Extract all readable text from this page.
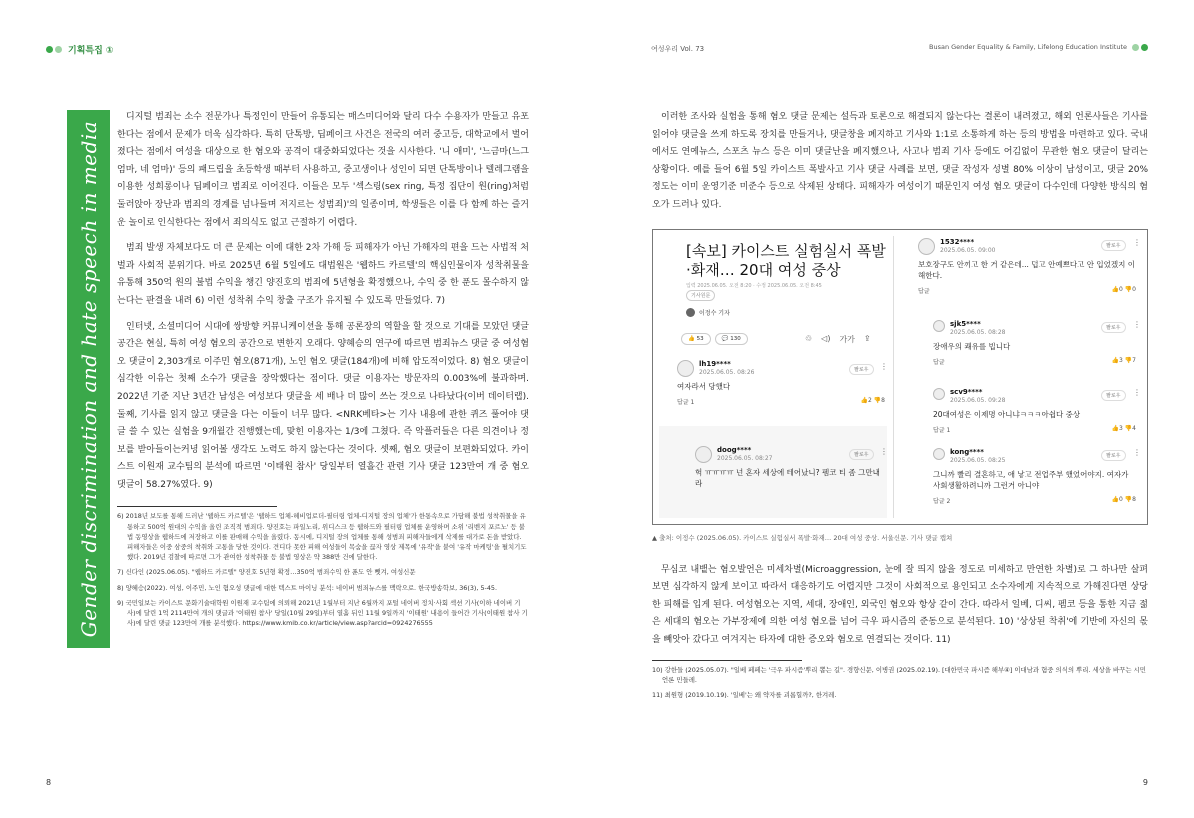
기획특집 ①	여성우리 Vol. 73	Busan Gender Equality & Family, Lifelong Education Institute
Gender discrimination and hate speech in media

디지털 범죄는 소수 전문가나 특정인이 만들어 유통되는 매스미디어와 달리 다수 수용자가 만들고 유포한다는 점에서 문제가 더욱 심각하다. 특히 단톡방, 딥페이크 사건은 전국의 여러 중고등, 대학교에서 벌어졌다는 점에서 여성을 대상으로 한 혐오와 공격이 대중화되었다는 것을 시사한다. '니 애미', '느금마(느그 엄마, 네 엄마)' 등의 패드립을 초등학생 때부터 사용하고, 중고생이나 성인이 되면 단톡방이나 텔레그램을 이용한 성희롱이나 딥페이크 범죄로 이어진다. 이들은 모두 '섹스링(sex ring, 특정 집단이 원(ring)처럼 둘러앉아 장난과 범죄의 경계를 넘나들며 저지르는 성범죄)'의 일종이며, 학생들은 이를 다 함께 하는 즐거운 놀이로 인식한다는 점에서 죄의식도 없고 근절하기 어렵다.

범죄 발생 자체보다도 더 큰 문제는 이에 대한 2차 가해 등 피해자가 아닌 가해자의 편을 드는 사법적 처벌과 사회적 분위기다. 바로 2025년 6월 5일에도 대법원은 '웹하드 카르텔'의 핵심인물이자 성착취물을 유통해 350억 원의 불법 수익을 챙긴 양진호의 범죄에 5년형을 확정했으나, 수익 중 한 푼도 몰수하지 않는다는 판결을 내려 6) 이런 성착취 수익 창출 구조가 유지될 수 있도록 만들었다. 7)

인터넷, 소셜미디어 시대에 쌍방향 커뮤니케이션을 통해 공론장의 역할을 할 것으로 기대를 모았던 댓글 공간은 현실, 특히 여성 혐오의 공간으로 변한지 오래다. 양혜승의 연구에 따르면 범죄뉴스 댓글 중 여성혐오 댓글이 2,303개로 이주민 혐오(871개), 노인 혐오 댓글(184개)에 비해 압도적이었다. 8) 혐오 댓글이 심각한 이유는 첫째 소수가 댓글을 장악했다는 점이다. 댓글 이용자는 방문자의 0.003%에 불과하며. 2022년 기준 지난 3년간 남성은 여성보다 댓글을 세 배나 더 많이 쓰는 것으로 나타났다(이버 데이터랩). 둘째, 기사를 읽지 않고 댓글을 다는 이들이 너무 많다. <NRK베타>는 기사 내용에 관한 퀴즈 풀어야 댓글 쓸 수 있는 실험을 9개월간 진행했는데, 맞힌 이용자는 1/3에 그쳤다. 즉 악플러들은 다른 의견이나 정보를 받아들이는커녕 읽어볼 생각도 노력도 하지 않는다는 것이다. 셋째, 혐오 댓글이 보편화되었다. 카이스트 이원재 교수팀의 분석에 따르면 '이태원 참사' 당일부터 열흘간 관련 기사 댓글 123만여 개 중 혐오 댓글이 58.27%였다. 9)

6) 2018년 보도를 통해 드러난 '웹하드 카르텔'은 '웹하드 업체-헤비업로더-필터링 업체-디지털 장의 업체'가 한통속으로 가담해 불법 성착취물을 유통하고 500억 원대의 수익을 올린 조직적 범죄다. 양진호는 파일노리, 위디스크 등 웹하드와 필터링 업체를 운영하며 소위 '리벤지 포르노' 등 불법 동영상을 웹하드에 저장하고 이를 판매해 수익을 올렸다. 동시에, 디지털 장의 업체를 통해 성범죄 피해자들에게 삭제를 대가로 돈을 받았다. 피해자들은 이중 삼중의 착취와 고통을 당한 것이다. 견디다 못한 피해 여성들이 목숨을 끊자 영상 제목에 '유작'을 붙여 '유작 마케팅'을 펼치기도 했다. 2019년 검찰에 따르면 그가 관여한 성착취물 등 불법 영상은 약 388만 건에 달한다.

7) 신다인 (2025.06.05). "웹하드 카르텔" 양진호 5년형 확정…350억 범죄수익 한 푼도 안 뺏겨, 여성신문

8) 양혜승(2022). 여성, 이주민, 노인 혐오성 댓글에 대한 텍스트 마이닝 분석: 네이버 범죄뉴스를 맥락으로. 한국방송학보, 36(3), 5-45.

9) 국민일보는 카이스트 문화기술대학원 이원재 교수팀에 의뢰해 2021년 1월부터 지난 6월까지 포털 네이버 정치·사회 섹션 기사(이하 네이버 기사)에 달린 1억 2114만여 개의 댓글과 '이태원 참사' 당일(10월 29일)부터 열흘 뒤인 11월 9일까지 '이태원' 내용이 들어간 기사(이태원 참사 기사)에 달린 댓글 123만여 개를 분석했다. https://www.kmib.co.kr/article/view.asp?arcid=0924276555

8

이러한 조사와 실험을 통해 혐오 댓글 문제는 설득과 토론으로 해결되지 않는다는 결론이 내려졌고, 해외 언론사들은 기사를 읽어야 댓글을 쓰게 하도록 장치를 만들거나, 댓글창을 폐지하고 기사와 1:1로 소통하게 하는 등의 방법을 마련하고 있다. 국내에서도 연예뉴스, 스포츠 뉴스 등은 이미 댓글난을 폐지했으나, 사고나 범죄 기사 등에도 어김없이 무관한 혐오 댓글이 달리는 상황이다. 예를 들어 6월 5일 카이스트 폭발사고 기사 댓글 사례를 보면, 댓글 작성자 성별 80% 이상이 남성이고, 댓글 20% 정도는 이미 운영기준 미준수 등으로 삭제된 상태다. 피해자가 여성이기 때문인지 여성 혐오 댓글이 다수인데 다양한 방식의 혐오가 드러나 있다.

[속보] 카이스트 실험실서 폭발·화재… 20대 여성 중상
입력 2025.06.05. 오전 8:20 · 수정 2025.06.05. 오전 8:45
기사원문
이정수 기자
👍 53	💬 130	♲ ◁) 가가 ⇪
lh19****
2025.06.05. 08:26
여자라서 당했다
답글 1	👍2 👎8
팔로우	⋮
doog****
2025.06.05. 08:27
헉 ㅠㅠㅠㅠ 넌 혼자 세상에 테어났니? 펨코 티 좀 그만내라
팔로우	⋮
1532****
2025.06.05. 09:00
보호장구도 안끼고 한 거 같은데... 덥고 안예쁘다고 안 입었겠지 이해한다.
답글	👍0 👎0
팔로우	⋮
sjk5****
2025.06.05. 08:28
장애우의 쾌유를 빕니다
답글	👍3 👎7
팔로우	⋮
scv9****
2025.06.05. 09:28
20대여성은 이제명 아니냐ㅋㅋㅋ아쉽다 중상
답글 1	👍3 👎4
팔로우	⋮
kong****
2025.06.05. 08:25
그니까 빨리 결혼하고, 애 낳고 전업주부 했었어야지. 여자가 사회생활하려니까 그런거 아니야
답글 2	👍0 👎8
팔로우	⋮

▲ 출처: 이정수 (2025.06.05). 카이스트 실험실서 폭발·화재… 20대 여성 중상. 서울신문. 기사 댓글 캡쳐

무심코 내뱉는 혐오발언은 미세차별(Microaggression, 눈에 잘 띄지 않을 정도로 미세하고 만연한 차별)로 그 하나만 살펴보면 심각하지 않게 보이고 따라서 대응하기도 어렵지만 그것이 사회적으로 용인되고 소수자에게 지속적으로 가해진다면 상당한 피해를 입게 된다. 여성혐오는 지역, 세대, 장애인, 외국인 혐오와 항상 같이 간다. 따라서 일베, 디씨, 펨코 등을 통한 지금 젊은 세대의 혐오는 가부장제에 의한 여성 혐오를 넘어 극우 파시즘의 준동으로 분석된다. 10) '상상된 착취'에 기반에 자신의 몫을 빼앗아 갔다고 여겨지는 타자에 대한 증오와 혐오로 연결되는 것이다. 11)

10) 강한들 (2025.05.07). "일베 페페는 '극우 파시즘'뿌리 뽑는 길". 경향신문, 이병권 (2025.02.19). [대한민국 파시즘 해부④] 이대남과 혐중 의식의 뿌리. 세상을 바꾸는 시민언론 민들레.

11) 최원형 (2019.10.19). '일베'는 왜 약자를 괴롭힐까?, 한겨레.

9
